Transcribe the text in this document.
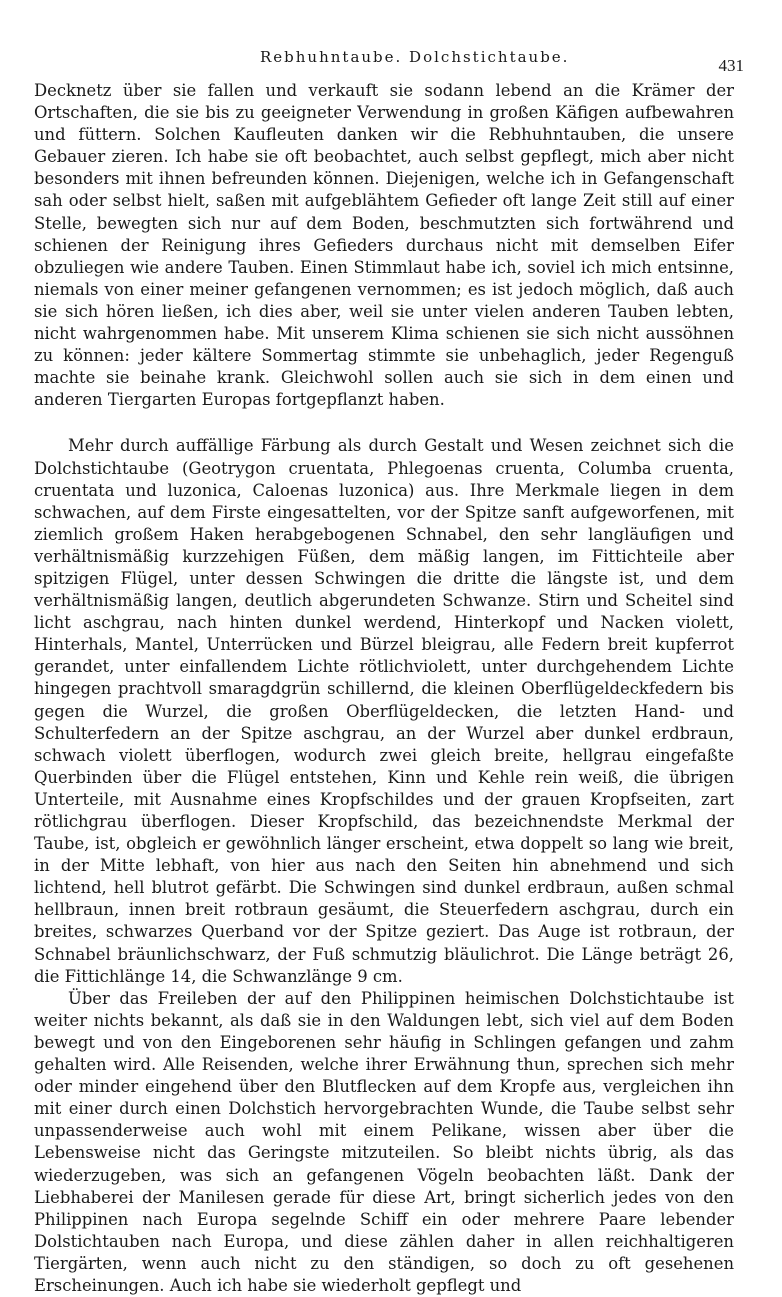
Rebhuhntaube. Dolchstichtaube.	431

Decknetz über sie fallen und verkauft sie sodann lebend an die Krämer der Ortschaften, die sie bis zu geeigneter Verwendung in großen Käfigen aufbewahren und füttern. Solchen Kaufleuten danken wir die Rebhuhntauben, die unsere Gebauer zieren. Ich habe sie oft beobachtet, auch selbst gepflegt, mich aber nicht besonders mit ihnen befreunden können. Diejenigen, welche ich in Gefangenschaft sah oder selbst hielt, saßen mit aufgeblähtem Gefieder oft lange Zeit still auf einer Stelle, bewegten sich nur auf dem Boden, beschmutzten sich fortwährend und schienen der Reinigung ihres Gefieders durchaus nicht mit demselben Eifer obzuliegen wie andere Tauben. Einen Stimmlaut habe ich, soviel ich mich entsinne, niemals von einer meiner gefangenen vernommen; es ist jedoch möglich, daß auch sie sich hören ließen, ich dies aber, weil sie unter vielen anderen Tauben lebten, nicht wahrgenommen habe. Mit unserem Klima schienen sie sich nicht aussöhnen zu können: jeder kältere Sommertag stimmte sie unbehaglich, jeder Regenguß machte sie beinahe krank. Gleichwohl sollen auch sie sich in dem einen und anderen Tiergarten Europas fortgepflanzt haben.

Mehr durch auffällige Färbung als durch Gestalt und Wesen zeichnet sich die Dolchstichtaube (Geotrygon cruentata, Phlegoenas cruenta, Columba cruenta, cruentata und luzonica, Caloenas luzonica) aus. Ihre Merkmale liegen in dem schwachen, auf dem Firste eingesattelten, vor der Spitze sanft aufgeworfenen, mit ziemlich großem Haken herabgebogenen Schnabel, den sehr langläufigen und verhältnismäßig kurzzehigen Füßen, dem mäßig langen, im Fittichteile aber spitzigen Flügel, unter dessen Schwingen die dritte die längste ist, und dem verhältnismäßig langen, deutlich abgerundeten Schwanze. Stirn und Scheitel sind licht aschgrau, nach hinten dunkel werdend, Hinterkopf und Nacken violett, Hinterhals, Mantel, Unterrücken und Bürzel bleigrau, alle Federn breit kupferrot gerandet, unter einfallendem Lichte rötlichviolett, unter durchgehendem Lichte hingegen prachtvoll smaragdgrün schillernd, die kleinen Oberflügeldeckfedern bis gegen die Wurzel, die großen Oberflügeldecken, die letzten Hand- und Schulterfedern an der Spitze aschgrau, an der Wurzel aber dunkel erdbraun, schwach violett überflogen, wodurch zwei gleich breite, hellgrau eingefaßte Querbinden über die Flügel entstehen, Kinn und Kehle rein weiß, die übrigen Unterteile, mit Ausnahme eines Kropfschildes und der grauen Kropfseiten, zart rötlichgrau überflogen. Dieser Kropfschild, das bezeichnendste Merkmal der Taube, ist, obgleich er gewöhnlich länger erscheint, etwa doppelt so lang wie breit, in der Mitte lebhaft, von hier aus nach den Seiten hin abnehmend und sich lichtend, hell blutrot gefärbt. Die Schwingen sind dunkel erdbraun, außen schmal hellbraun, innen breit rotbraun gesäumt, die Steuerfedern aschgrau, durch ein breites, schwarzes Querband vor der Spitze geziert. Das Auge ist rotbraun, der Schnabel bräunlichschwarz, der Fuß schmutzig bläulichrot. Die Länge beträgt 26, die Fittichlänge 14, die Schwanzlänge 9 cm.

Über das Freileben der auf den Philippinen heimischen Dolchstichtaube ist weiter nichts bekannt, als daß sie in den Waldungen lebt, sich viel auf dem Boden bewegt und von den Eingeborenen sehr häufig in Schlingen gefangen und zahm gehalten wird. Alle Reisenden, welche ihrer Erwähnung thun, sprechen sich mehr oder minder eingehend über den Blutflecken auf dem Kropfe aus, vergleichen ihn mit einer durch einen Dolchstich hervorgebrachten Wunde, die Taube selbst sehr unpassenderweise auch wohl mit einem Pelikane, wissen aber über die Lebensweise nicht das Geringste mitzuteilen. So bleibt nichts übrig, als das wiederzugeben, was sich an gefangenen Vögeln beobachten läßt. Dank der Liebhaberei der Manilesen gerade für diese Art, bringt sicherlich jedes von den Philippinen nach Europa segelnde Schiff ein oder mehrere Paare lebender Dolstichtauben nach Europa, und diese zählen daher in allen reichhaltigeren Tiergärten, wenn auch nicht zu den ständigen, so doch zu oft gesehenen Erscheinungen. Auch ich habe sie wiederholt gepflegt und
